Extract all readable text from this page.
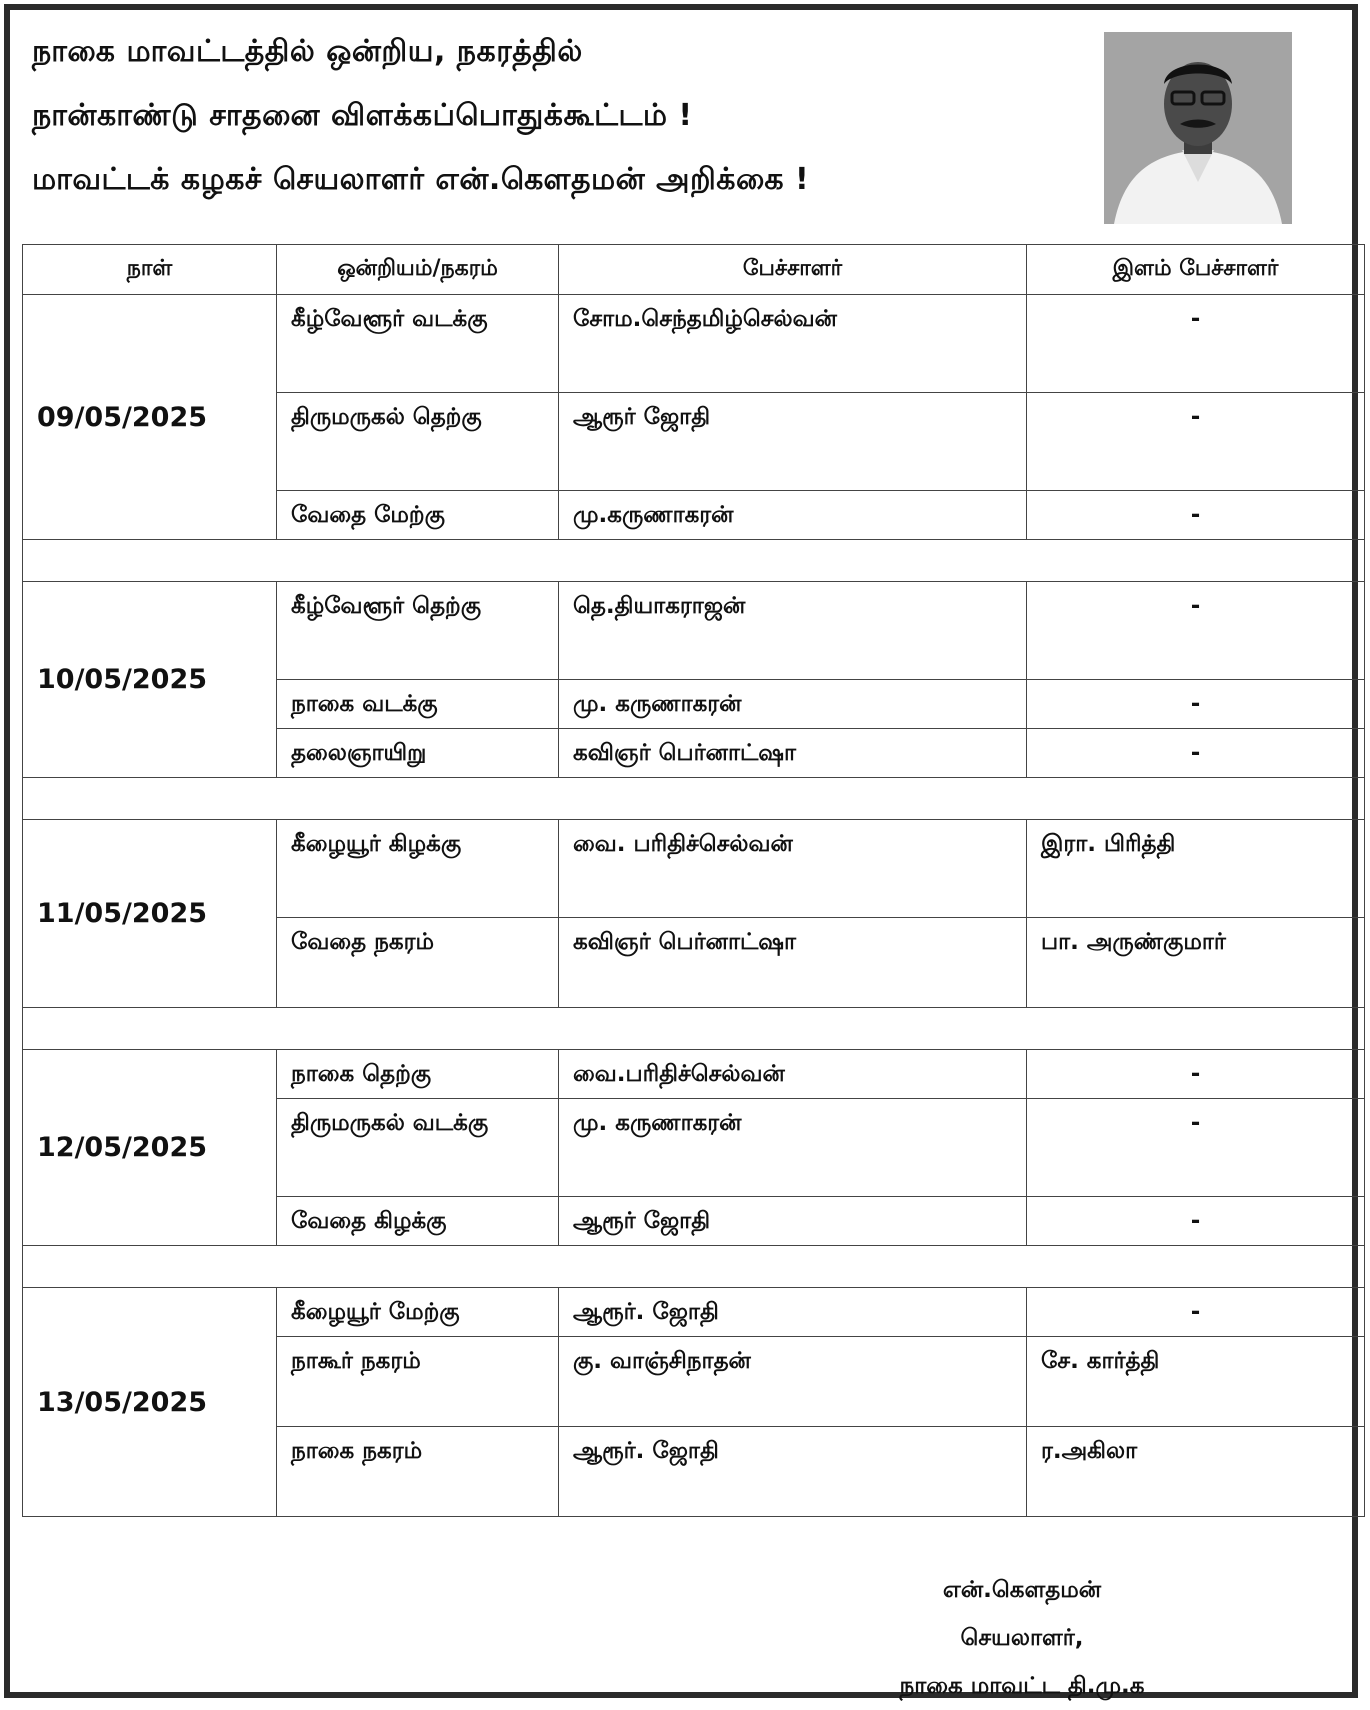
நாகை மாவட்டத்தில் ஒன்றிய, நகரத்தில்
நான்காண்டு சாதனை விளக்கப்பொதுக்கூட்டம் !
மாவட்டக் கழகச் செயலாளர் என்.கௌதமன் அறிக்கை !
நாள்	ஒன்றியம்/நகரம்	பேச்சாளர்	இளம் பேச்சாளர்
09/05/2025	கீழ்வேளூர் வடக்கு	சோம.செந்தமிழ்செல்வன்	-
	திருமருகல் தெற்கு	ஆரூர் ஜோதி	-
	வேதை மேற்கு	மு.கருணாகரன்	-

10/05/2025	கீழ்வேளூர் தெற்கு	தெ.தியாகராஜன்	-
	நாகை வடக்கு	மு. கருணாகரன்	-
	தலைஞாயிறு	கவிஞர் பெர்னாட்ஷா	-

11/05/2025	கீழையூர் கிழக்கு	வை. பரிதிச்செல்வன்	இரா. பிரித்தி
	வேதை நகரம்	கவிஞர் பெர்னாட்ஷா	பா. அருண்குமார்

12/05/2025	நாகை தெற்கு	வை.பரிதிச்செல்வன்	-
	திருமருகல் வடக்கு	மு. கருணாகரன்	-
	வேதை கிழக்கு	ஆரூர் ஜோதி	-

13/05/2025	கீழையூர் மேற்கு	ஆரூர். ஜோதி	-
	நாகூர் நகரம்	கு. வாஞ்சிநாதன்	சே. கார்த்தி
	நாகை நகரம்	ஆரூர். ஜோதி	ர.அகிலா
என்.கௌதமன்
செயலாளர்,
நாகை மாவட்ட தி.மு.க
